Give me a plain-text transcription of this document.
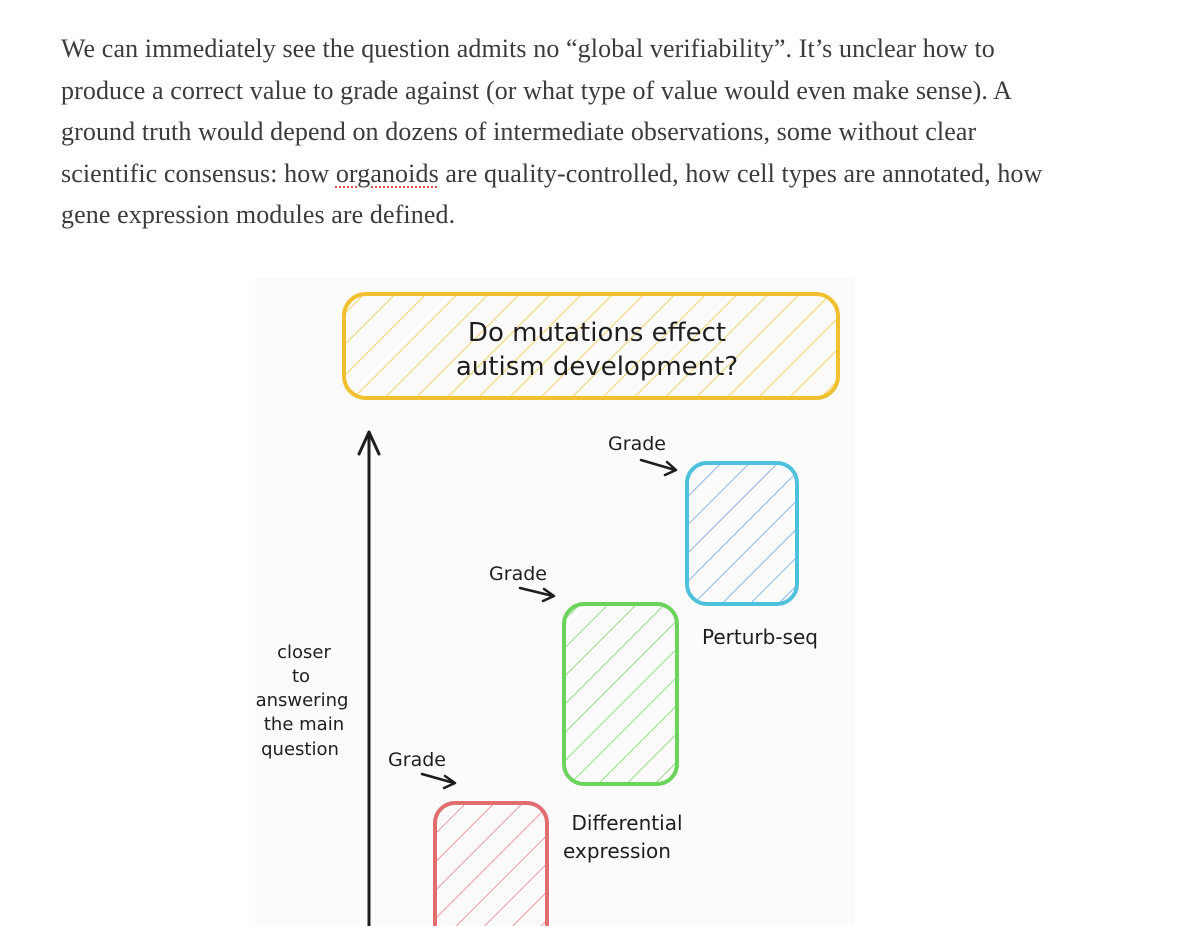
We can immediately see the question admits no “global verifiability”. It’s unclear how to produce a correct value to grade against (or what type of value would even make sense). A ground truth would depend on dozens of intermediate observations, some without clear scientific consensus: how organoids are quality-controlled, how cell types are annotated, how gene expression modules are defined.

Do mutations effect
autism development?
closer
to
answering
the main
question
Grade
Perturb-seq
Grade
Differential
expression
Grade
